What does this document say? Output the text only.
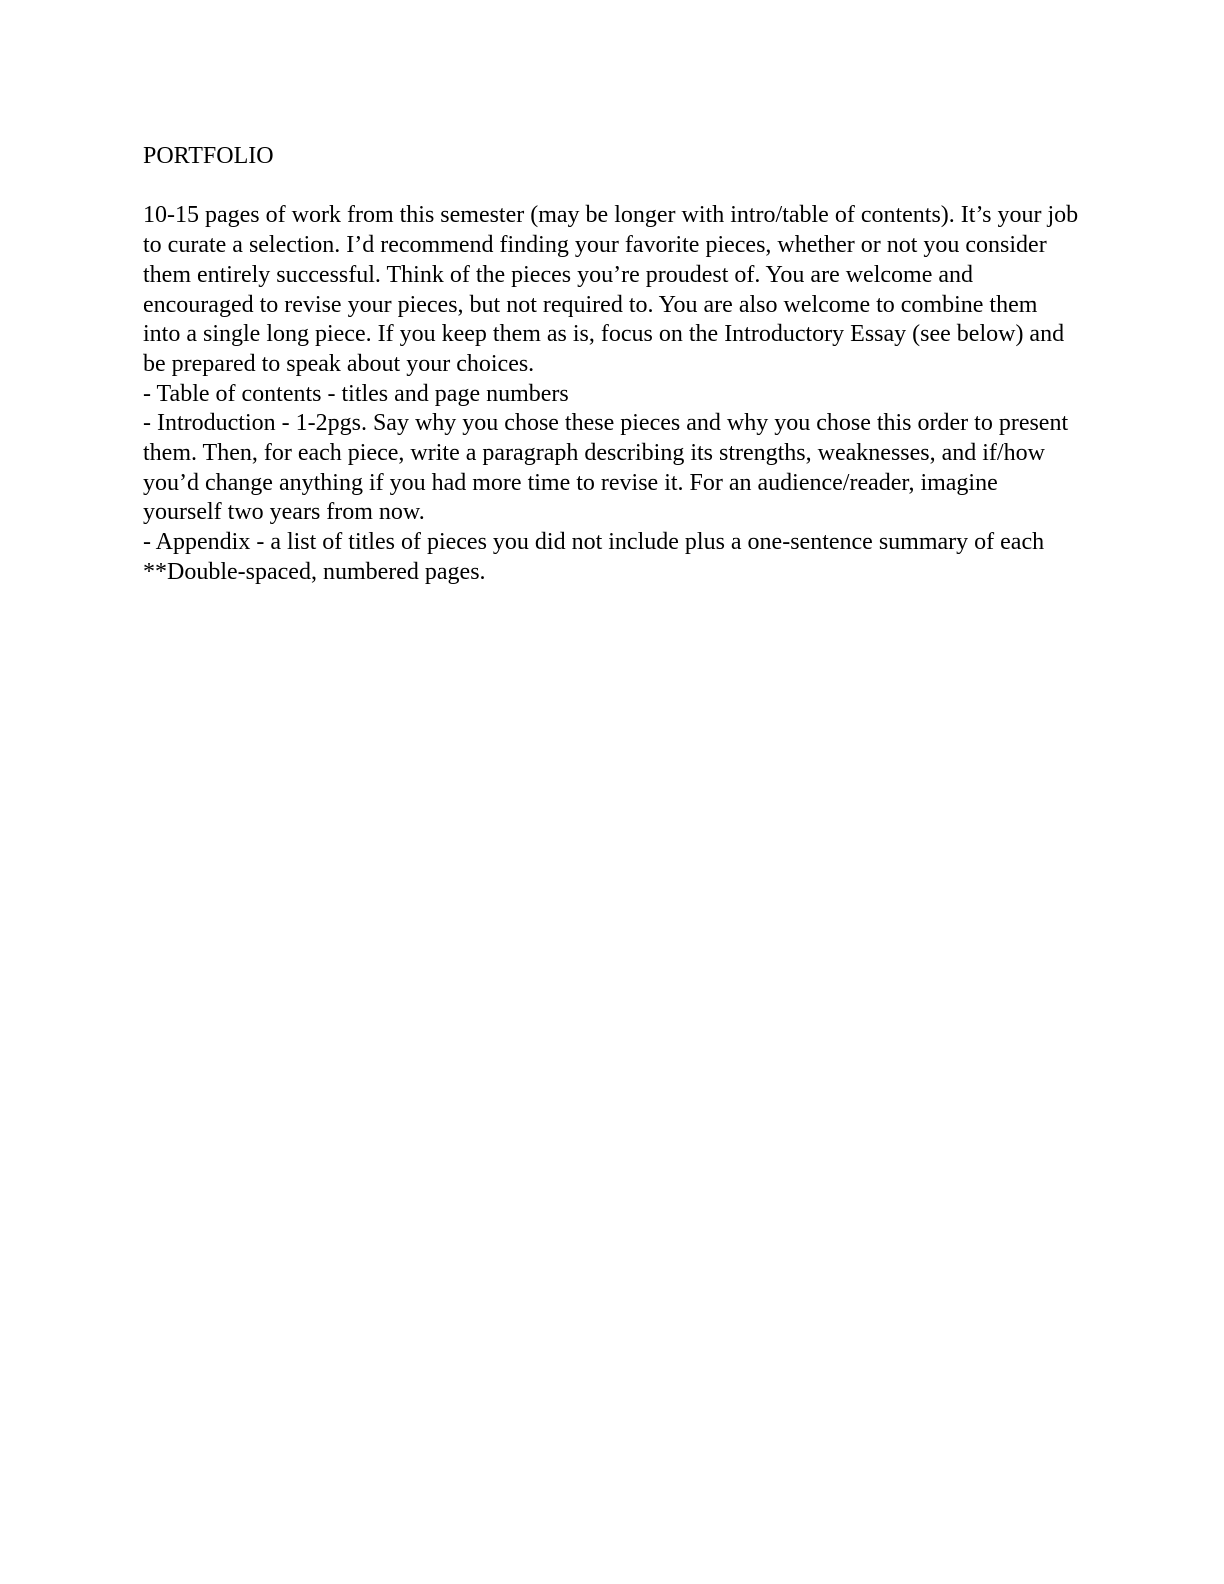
PORTFOLIO
10-15 pages of work from this semester (may be longer with intro/table of contents). It’s your job
to curate a selection. I’d recommend finding your favorite pieces, whether or not you consider
them entirely successful. Think of the pieces you’re proudest of. You are welcome and
encouraged to revise your pieces, but not required to. You are also welcome to combine them
into a single long piece. If you keep them as is, focus on the Introductory Essay (see below) and
be prepared to speak about your choices.
- Table of contents - titles and page numbers
- Introduction - 1-2pgs. Say why you chose these pieces and why you chose this order to present
them. Then, for each piece, write a paragraph describing its strengths, weaknesses, and if/how
you’d change anything if you had more time to revise it. For an audience/reader, imagine
yourself two years from now.
- Appendix - a list of titles of pieces you did not include plus a one-sentence summary of each
**Double-spaced, numbered pages.
